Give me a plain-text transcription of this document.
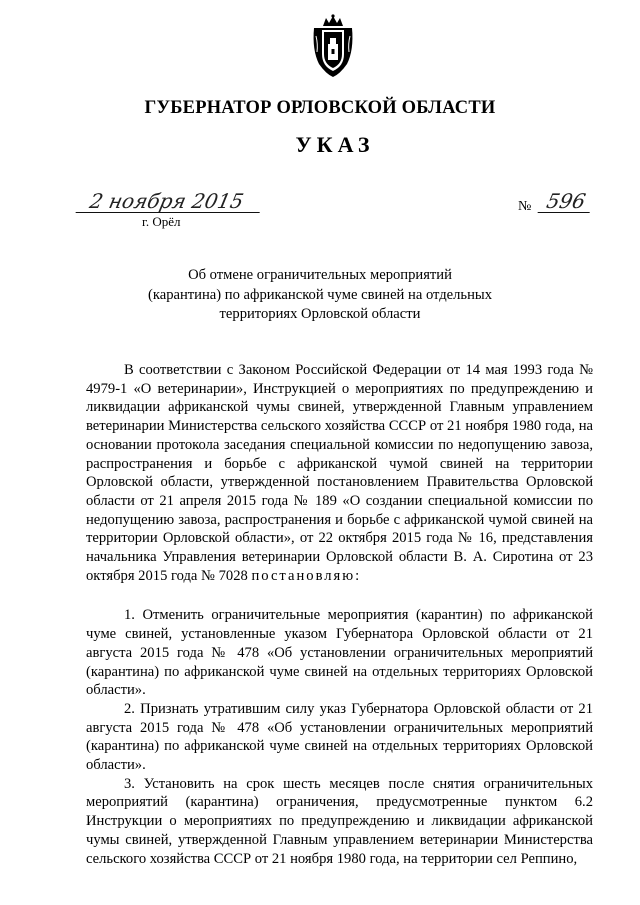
ГУБЕРНАТОР ОРЛОВСКОЙ ОБЛАСТИ
УКАЗ
2 ноября 2015
г. Орёл
№ 596
Об отмене ограничительных мероприятий
(карантина) по африканской чуме свиней на отдельных
территориях Орловской области

В соответствии с Законом Российской Федерации от 14 мая 1993 года № 4979-1 «О ветеринарии», Инструкцией о мероприятиях по предупреждению и ликвидации африканской чумы свиней, утвержденной Главным управлением ветеринарии Министерства сельского хозяйства СССР от 21 ноября 1980 года, на основании протокола заседания специальной комиссии по недопущению завоза, распространения и борьбе с африканской чумой свиней на территории Орловской области, утвержденной постановлением Правительства Орловской области от 21 апреля 2015 года № 189 «О создании специальной комиссии по недопущению завоза, распространения и борьбе с африканской чумой свиней на территории Орловской области», от 22 октября 2015 года № 16, представления начальника Управления ветеринарии Орловской области В. А. Сиротина от 23 октября 2015 года № 7028 постановляю:

1. Отменить ограничительные мероприятия (карантин) по африканской чуме свиней, установленные указом Губернатора Орловской области от 21 августа 2015 года № 478 «Об установлении ограничительных мероприятий (карантина) по африканской чуме свиней на отдельных территориях Орловской области».

2. Признать утратившим силу указ Губернатора Орловской области от 21 августа 2015 года № 478 «Об установлении ограничительных мероприятий (карантина) по африканской чуме свиней на отдельных территориях Орловской области».

3. Установить на срок шесть месяцев после снятия ограничительных мероприятий (карантина) ограничения, предусмотренные пунктом 6.2 Инструкции о мероприятиях по предупреждению и ликвидации африканской чумы свиней, утвержденной Главным управлением ветеринарии Министерства сельского хозяйства СССР от 21 ноября 1980 года, на территории сел Реппино,
